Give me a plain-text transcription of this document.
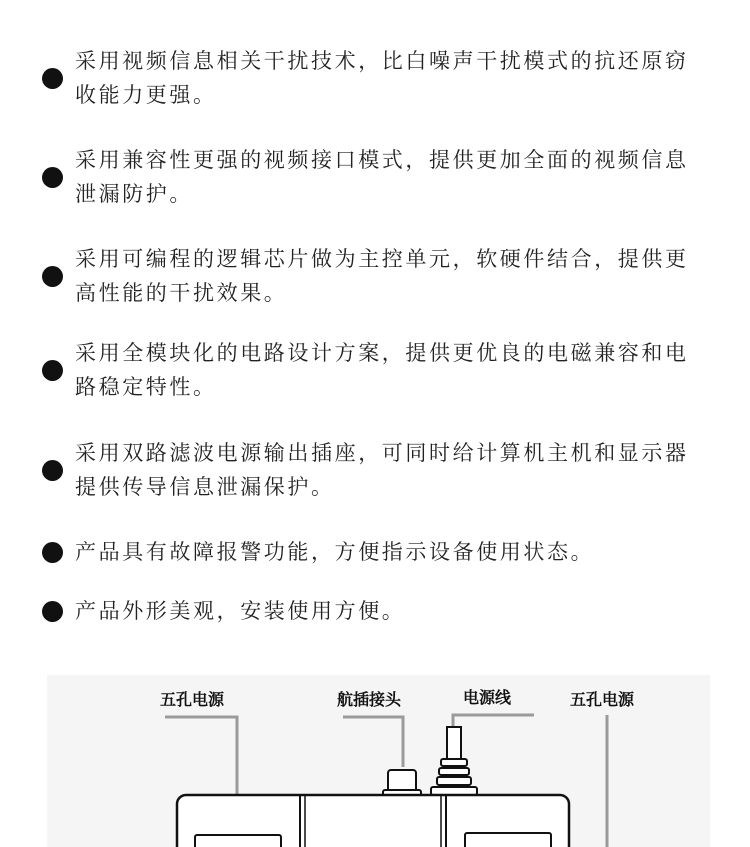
采用视频信息相关干扰技术，比白噪声干扰模式的抗还原窃收能力更强。
采用兼容性更强的视频接口模式，提供更加全面的视频信息泄漏防护。
采用可编程的逻辑芯片做为主控单元，软硬件结合，提供更高性能的干扰效果。
采用全模块化的电路设计方案，提供更优良的电磁兼容和电路稳定特性。
采用双路滤波电源输出插座，可同时给计算机主机和显示器提供传导信息泄漏保护。
产品具有故障报警功能，方便指示设备使用状态。
产品外形美观，安装使用方便。
五孔电源	航插接头	电源线	五孔电源
